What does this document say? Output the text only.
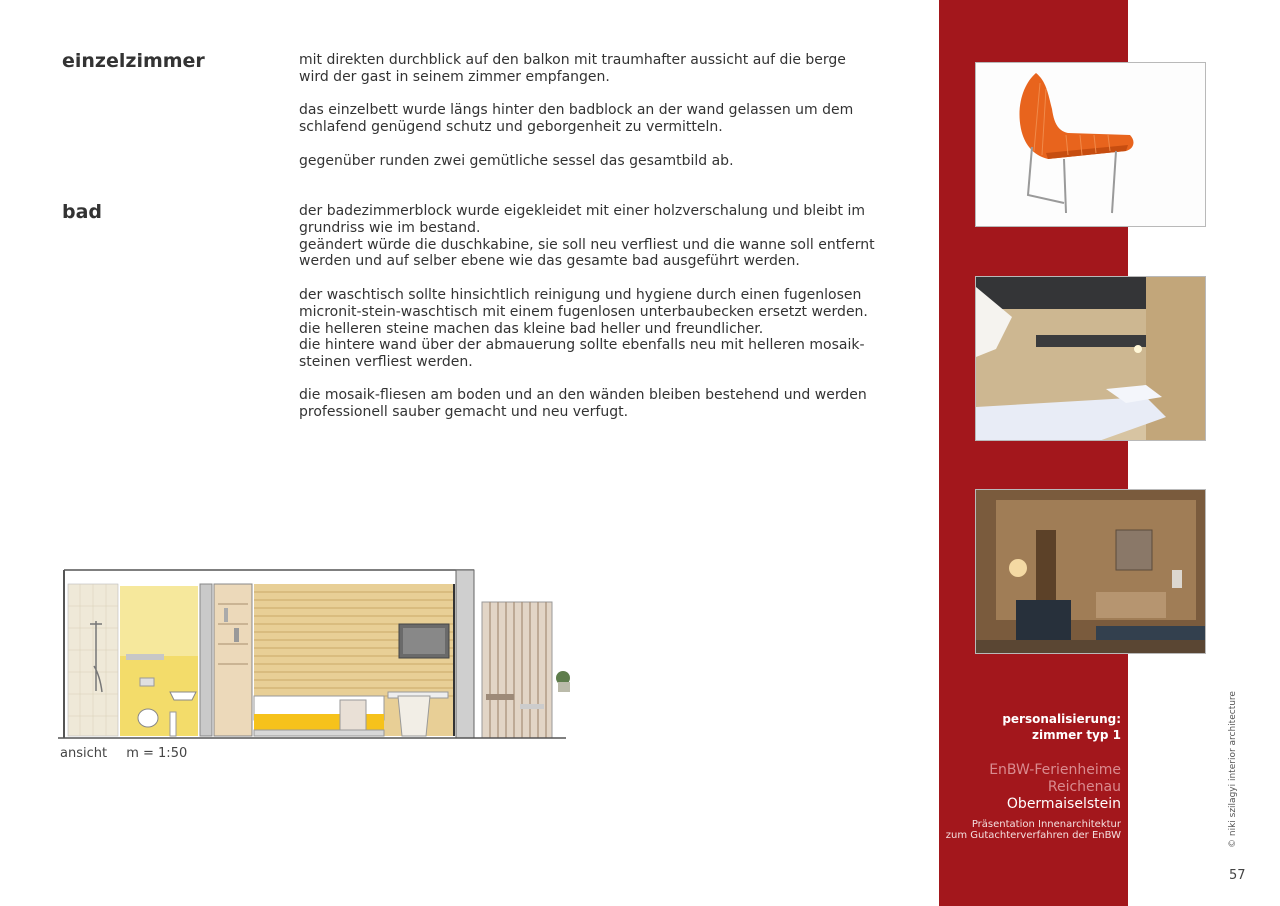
einzelzimmer
bad

mit direkten durchblick auf den balkon mit traumhafter aussicht auf die berge
wird der gast in seinem zimmer empfangen.

das einzelbett wurde längs hinter den badblock an der wand gelassen um dem
schlafend genügend schutz und geborgenheit zu vermitteln.

gegenüber runden zwei gemütliche sessel das gesamtbild ab.

der badezimmerblock wurde eigekleidet mit einer holzverschalung und bleibt im
grundriss wie im bestand.
geändert würde die duschkabine, sie soll neu verfliest und die wanne soll entfernt
werden und auf selber ebene wie das gesamte bad ausgeführt werden.

der waschtisch sollte hinsichtlich reinigung und hygiene durch einen fugenlosen
micronit-stein-waschtisch mit einem fugenlosen unterbaubecken ersetzt werden.
die helleren steine machen das kleine bad heller und freundlicher.
die hintere wand über der abmauerung sollte ebenfalls neu mit helleren mosaik-
steinen verfliest werden.

die mosaik-fliesen am boden und an den wänden bleiben bestehend und werden
professionell sauber gemacht und neu verfugt.

ansicht m = 1:50
personalisierung:
zimmer typ 1
EnBW-Ferienheime
Reichenau
Obermaiselstein
Präsentation Innenarchitektur
zum Gutachterverfahren der EnBW	© niki szilagyi interior architecture
57
